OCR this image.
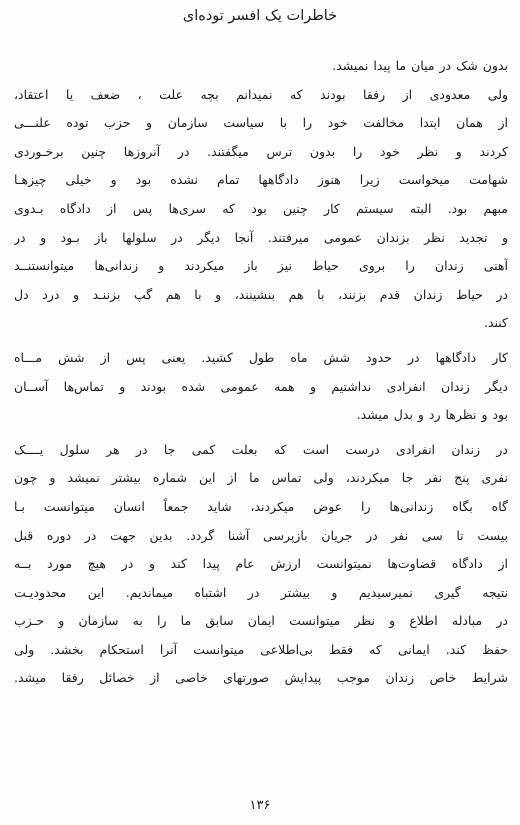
خاطرات یک افسر توده‌ای
بدون شک در میان ما پیدا نمیشد.
ولی معدودی از رفقا بودند که نمیدانم بچه علت ، ضعف یا اعتقاد،
از همان ابتدا مخالفت خود را با سیاست سازمان و حزب توده علنـــی
کردند و نظر خود را بدون ترس میگفتند. در آنروزها چنین برخـوردی
شهامت میخواست زیرا هنوز دادگاهها تمام نشده بود و خیلی چیزهـا
مبهم بود. البته سیستم کار چنین بود که سری‌ها پس از دادگاه بـدوی
و تجدید نظر بزندان عمومی میرفتند. آنجا دیگر در سلولها باز بـود و در
آهنی زندان را بروی حیاط نیز باز میکردند و زندانی‌ها میتوانستنــد
در حیاط زندان قدم بزنند، با هم بنشینند، و با هم گپ بزننـد و درد دل
کنند.
کار دادگاهها در حدود شش ماه طول کشید. یعنی پس از شش مـــاه
دیگر زندان انفرادی نداشتیم و همه عمومی شده بودند و تماس‌ها آســان
بود و نظرها رد و بدل میشد.
در زندان انفرادی درست است که بعلت کمی جا در هر سلول یــــک
نفری پنج نفر جا میکردند، ولی تماس ما از این شماره بیشتر نمیشد و چون
گاه بگاه زندانی‌ها را عوض میکردند، شاید جمعاً انسان میتوانست بـا
بیست تا سی نفر در جریان بازپرسی آشنا گردد. بدین جهت در دوره قبل
از دادگاه قضاوت‌ها نمیتوانست ارزش عام پیدا کند و در هیچ مورد بــه
نتیجه گیری نمیرسیدیم و بیشتر در اشتباه میماندیم. این محدودیـت
در مبادله اطلاع و نظر میتوانست ایمان سابق ما را به سازمان و حـزب
حفظ کند. ایمانی که فقط بی‌اطلاعی میتوانست آنرا استحکام بخشد. ولی
شرایط خاص زندان موجب پیدایش صورتهای خاصی از خصائل رفقا میشد.
۱۳۶
